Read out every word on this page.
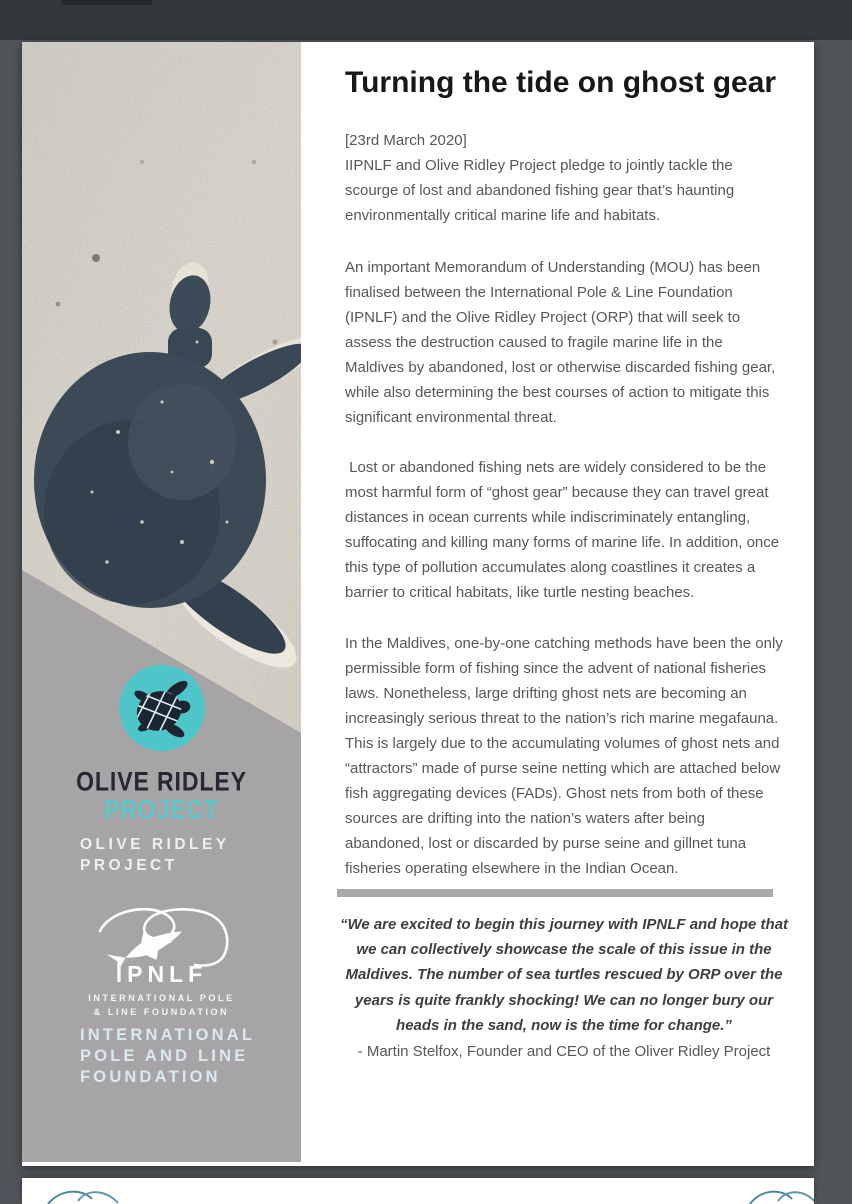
OLIVE RIDLEY
PROJECT
OLIVE RIDLEY
PROJECT
IPNLF
INTERNATIONAL POLE
& LINE FOUNDATION
INTERNATIONAL
POLE AND LINE
FOUNDATION
Turning the tide on ghost gear

[23rd March 2020]
IIPNLF and Olive Ridley Project pledge to jointly tackle the scourge of lost and abandoned fishing gear that’s haunting environmentally critical marine life and habitats.

An important Memorandum of Understanding (MOU) has been finalised between the International Pole & Line Foundation (IPNLF) and the Olive Ridley Project (ORP) that will seek to assess the destruction caused to fragile marine life in the Maldives by abandoned, lost or otherwise discarded fishing gear, while also determining the best courses of action to mitigate this significant environmental threat.

Lost or abandoned fishing nets are widely considered to be the most harmful form of “ghost gear” because they can travel great distances in ocean currents while indiscriminately entangling, suffocating and killing many forms of marine life. In addition, once this type of pollution accumulates along coastlines it creates a barrier to critical habitats, like turtle nesting beaches.

In the Maldives, one-by-one catching methods have been the only permissible form of fishing since the advent of national fisheries laws. Nonetheless, large drifting ghost nets are becoming an increasingly serious threat to the nation’s rich marine megafauna. This is largely due to the accumulating volumes of ghost nets and “attractors” made of purse seine netting which are attached below fish aggregating devices (FADs). Ghost nets from both of these sources are drifting into the nation’s waters after being abandoned, lost or discarded by purse seine and gillnet tuna fisheries operating elsewhere in the Indian Ocean.

“We are excited to begin this journey with IPNLF and hope that we can collectively showcase the scale of this issue in the Maldives. The number of sea turtles rescued by ORP over the years is quite frankly shocking! We can no longer bury our heads in the sand, now is the time for change.”

- Martin Stelfox, Founder and CEO of the Oliver Ridley Project
